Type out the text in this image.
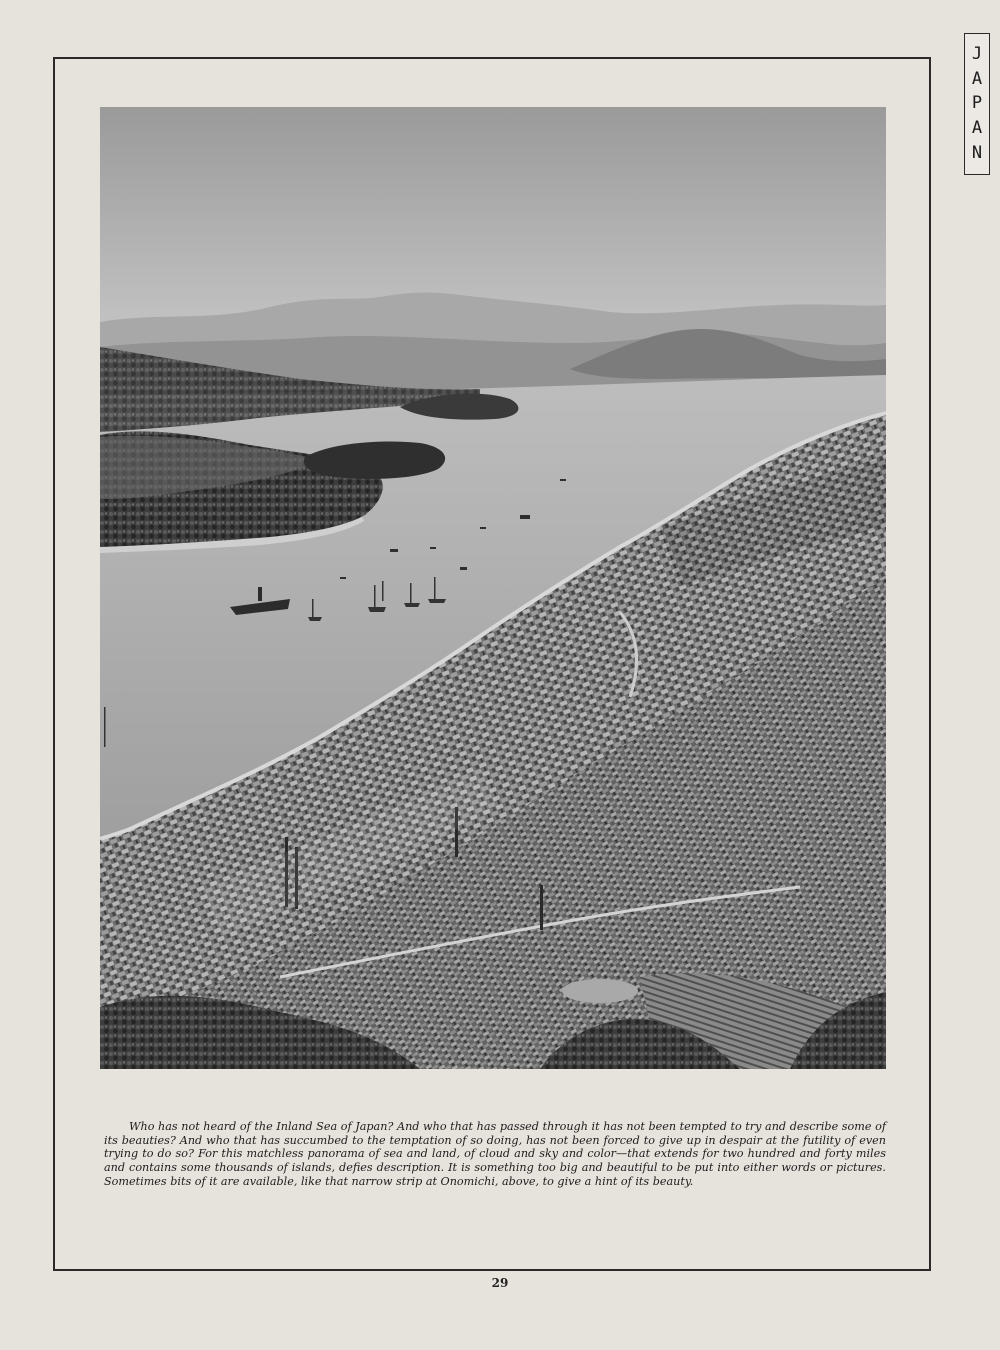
J
A
P
A
N

Who has not heard of the Inland Sea of Japan? And who that has passed through it has not been tempted to try and describe some of its beauties? And who that has succumbed to the temptation of so doing, has not been forced to give up in despair at the futility of even trying to do so? For this matchless panorama of sea and land, of cloud and sky and color—that extends for two hundred and forty miles and contains some thousands of islands, defies description. It is something too big and beautiful to be put into either words or pictures. Sometimes bits of it are available, like that narrow strip at Onomichi, above, to give a hint of its beauty.

29
